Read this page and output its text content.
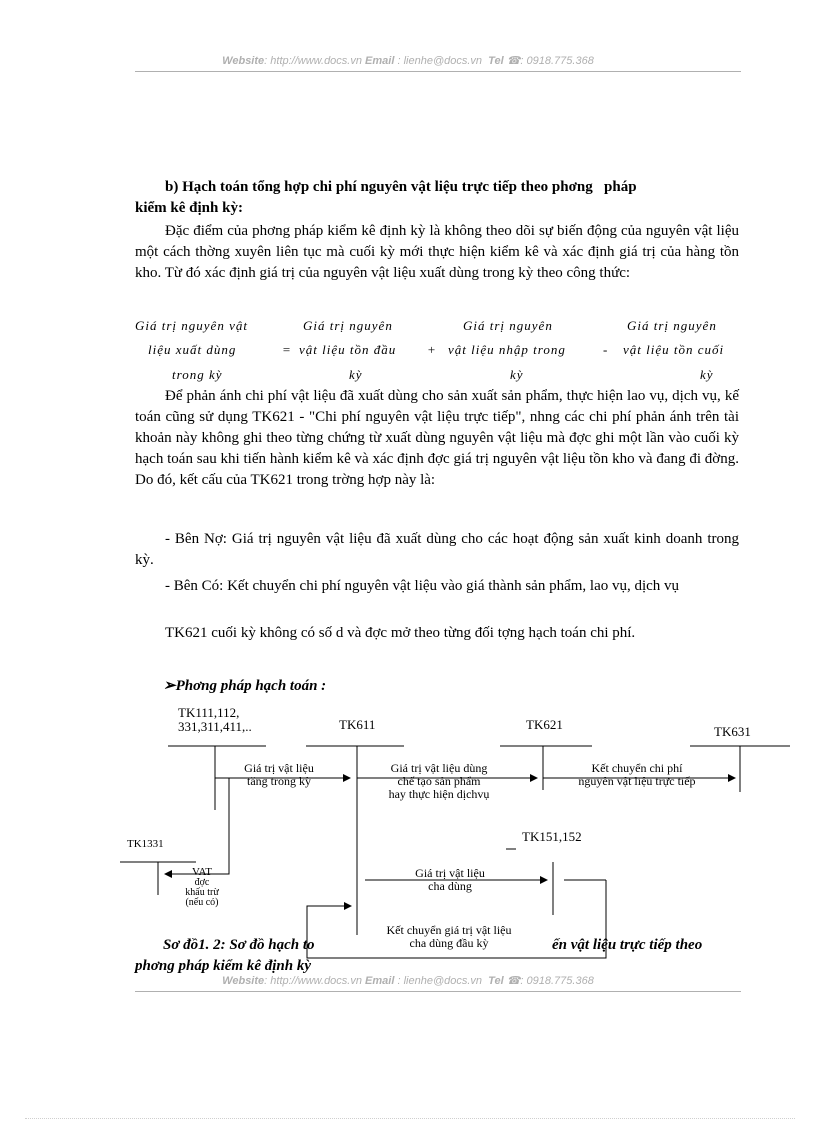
Website: http://www.docs.vn Email : lienhe@docs.vn Tel ☎: 0918.775.368
b) Hạch toán tổng hợp chi phí nguyên vật liệu trực tiếp theo phơng   pháp
kiểm kê định kỳ:

Đặc điểm của phơng pháp kiểm kê định kỳ là không theo dõi sự biến động của nguyên vật liệu một cách thờng xuyên liên tục mà cuối kỳ mới thực hiện kiểm kê và xác định giá trị của hàng tồn kho. Từ đó xác định giá trị của nguyên vật liệu xuất dùng trong kỳ theo công thức:

Giá trị nguyên vật
liệu xuất dùng
trong kỳ
=
Giá trị nguyên
vật liệu tồn đầu
kỳ
+
Giá trị nguyên
vật liệu nhập trong
kỳ
-
Giá trị nguyên
vật liệu tồn cuối
kỳ

Để phản ánh chi phí vật liệu đã xuất dùng cho sản xuất sản phẩm, thực hiện lao vụ, dịch vụ, kế toán cũng sử dụng TK621 - "Chi phí nguyên vật liệu trực tiếp", nhng các chi phí phản ánh trên tài khoản này không ghi theo từng chứng từ xuất dùng nguyên vật liệu mà đợc ghi một lần vào cuối kỳ hạch toán sau khi tiến hành kiểm kê và xác định đợc giá trị nguyên vật liệu tồn kho và đang đi đờng. Do đó, kết cấu của TK621 trong trờng hợp này là:

- Bên Nợ: Giá trị nguyên vật liệu đã xuất dùng cho các hoạt động sản xuất kinh doanh trong kỳ.

- Bên Có: Kết chuyển chi phí nguyên vật liệu vào giá thành sản phẩm, lao vụ, dịch vụ

TK621 cuối kỳ không có số d và đợc mở theo từng đối tợng hạch toán chi phí.

➢Phơng pháp hạch toán :
TK111,112,
331,311,411,..	TK611	TK621	TK631
TK1331	TK151,152
Giá trị vật liệu
tăng trong kỳ
Giá trị vật liệu dùng
chế tạo sản phẩm
hay thực hiện dịchvụ
Kết chuyển chi phí
nguyên vật liệu trực tiếp
VAT
đợc
khấu trừ
(nếu có)
Giá trị vật liệu
cha dùng
Sơ đồ1. 2: Sơ đồ hạch to	ến vật liệu trực tiếp theo
phơng pháp kiểm kê định kỳ
Kết chuyển giá trị vật liệu
cha dùng đầu kỳ
Website: http://www.docs.vn Email : lienhe@docs.vn Tel ☎: 0918.775.368
